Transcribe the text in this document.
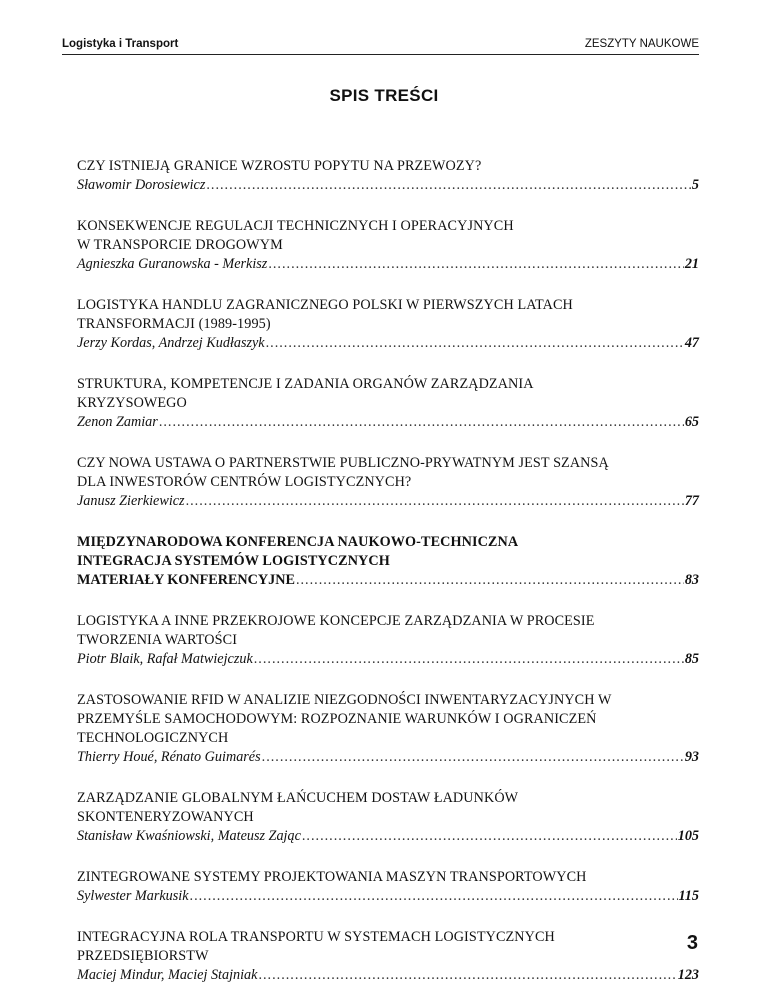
Logistyka i Transport	ZESZYTY NAUKOWE
SPIS TREŚCI
CZY ISTNIEJĄ GRANICE WZROSTU POPYTU NA PRZEWOZY?
Sławomir Dorosiewicz .....	5
KONSEKWENCJE REGULACJI TECHNICZNYCH I OPERACYJNYCH
W TRANSPORCIE DROGOWYM
Agnieszka Guranowska - Merkisz .....	21
LOGISTYKA HANDLU ZAGRANICZNEGO POLSKI W PIERWSZYCH LATACH
TRANSFORMACJI (1989-1995)
Jerzy Kordas, Andrzej Kudłaszyk .....	47
STRUKTURA, KOMPETENCJE I ZADANIA ORGANÓW ZARZĄDZANIA
KRYZYSOWEGO
Zenon Zamiar .....	65
CZY NOWA USTAWA O PARTNERSTWIE PUBLICZNO-PRYWATNYM JEST SZANSĄ
DLA INWESTORÓW CENTRÓW LOGISTYCZNYCH?
Janusz Zierkiewicz .....	77
MIĘDZYNARODOWA KONFERENCJA NAUKOWO-TECHNICZNA
INTEGRACJA SYSTEMÓW LOGISTYCZNYCH
MATERIAŁY KONFERENCYJNE .....	83
LOGISTYKA A INNE PRZEKROJOWE KONCEPCJE ZARZĄDZANIA W PROCESIE
TWORZENIA WARTOŚCI
Piotr Blaik, Rafał Matwiejczuk .....	85
ZASTOSOWANIE RFID W ANALIZIE NIEZGODNOŚCI INWENTARYZACYJNYCH W
PRZEMYŚLE SAMOCHODOWYM: ROZPOZNANIE WARUNKÓW I OGRANICZEŃ
TECHNOLOGICZNYCH
Thierry Houé, Rénato Guimarés .....	93
ZARZĄDZANIE GLOBALNYM ŁAŃCUCHEM DOSTAW ŁADUNKÓW
SKONTENERYZOWANYCH
Stanisław Kwaśniowski, Mateusz Zając .....	105
ZINTEGROWANE SYSTEMY PROJEKTOWANIA MASZYN TRANSPORTOWYCH
Sylwester Markusik .....	115
INTEGRACYJNA ROLA TRANSPORTU W SYSTEMACH LOGISTYCZNYCH
PRZEDSIĘBIORSTW
Maciej Mindur, Maciej Stajniak .....	123
3
